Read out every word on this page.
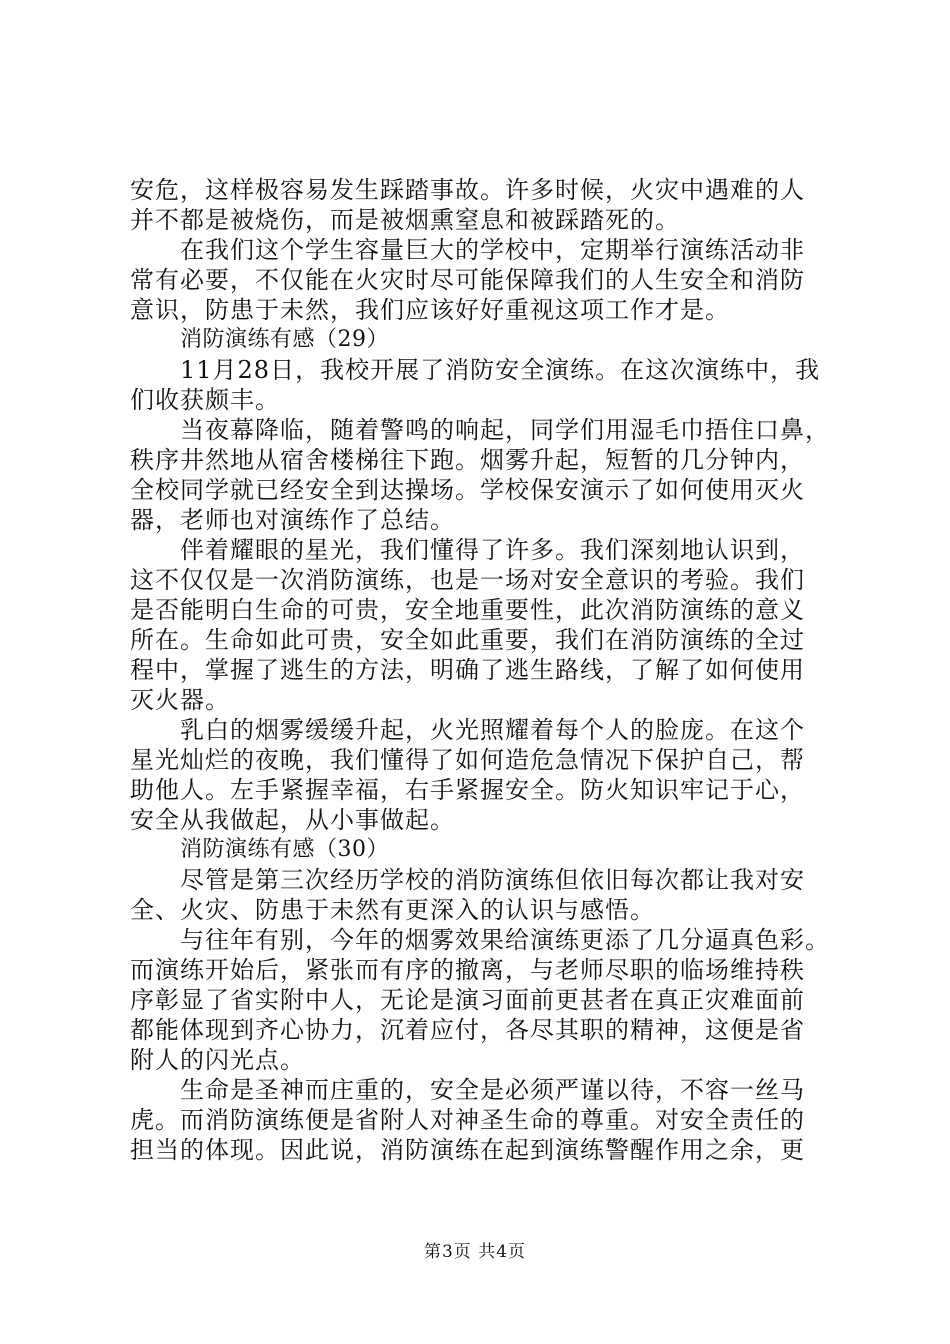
安危，这样极容易发生踩踏事故。许多时候，火灾中遇难的人
并不都是被烧伤，而是被烟熏窒息和被踩踏死的。
在我们这个学生容量巨大的学校中，定期举行演练活动非
常有必要，不仅能在火灾时尽可能保障我们的人生安全和消防
意识，防患于未然，我们应该好好重视这项工作才是。
消防演练有感（29）
11月28日，我校开展了消防安全演练。在这次演练中，我
们收获颇丰。
当夜幕降临，随着警鸣的响起，同学们用湿毛巾捂住口鼻，
秩序井然地从宿舍楼梯往下跑。烟雾升起，短暂的几分钟内，
全校同学就已经安全到达操场。学校保安演示了如何使用灭火
器，老师也对演练作了总结。
伴着耀眼的星光，我们懂得了许多。我们深刻地认识到，
这不仅仅是一次消防演练，也是一场对安全意识的考验。我们
是否能明白生命的可贵，安全地重要性，此次消防演练的意义
所在。生命如此可贵，安全如此重要，我们在消防演练的全过
程中，掌握了逃生的方法，明确了逃生路线，了解了如何使用
灭火器。
乳白的烟雾缓缓升起，火光照耀着每个人的脸庞。在这个
星光灿烂的夜晚，我们懂得了如何造危急情况下保护自己，帮
助他人。左手紧握幸福，右手紧握安全。防火知识牢记于心，
安全从我做起，从小事做起。
消防演练有感（30）
尽管是第三次经历学校的消防演练但依旧每次都让我对安
全、火灾、防患于未然有更深入的认识与感悟。
与往年有别，今年的烟雾效果给演练更添了几分逼真色彩。
而演练开始后，紧张而有序的撤离，与老师尽职的临场维持秩
序彰显了省实附中人，无论是演习面前更甚者在真正灾难面前
都能体现到齐心协力，沉着应付，各尽其职的精神，这便是省
附人的闪光点。
生命是圣神而庄重的，安全是必须严谨以待，不容一丝马
第3页 共4页
虎。而消防演练便是省附人对神圣生命的尊重。对安全责任的
担当的体现。因此说，消防演练在起到演练警醒作用之余，更
